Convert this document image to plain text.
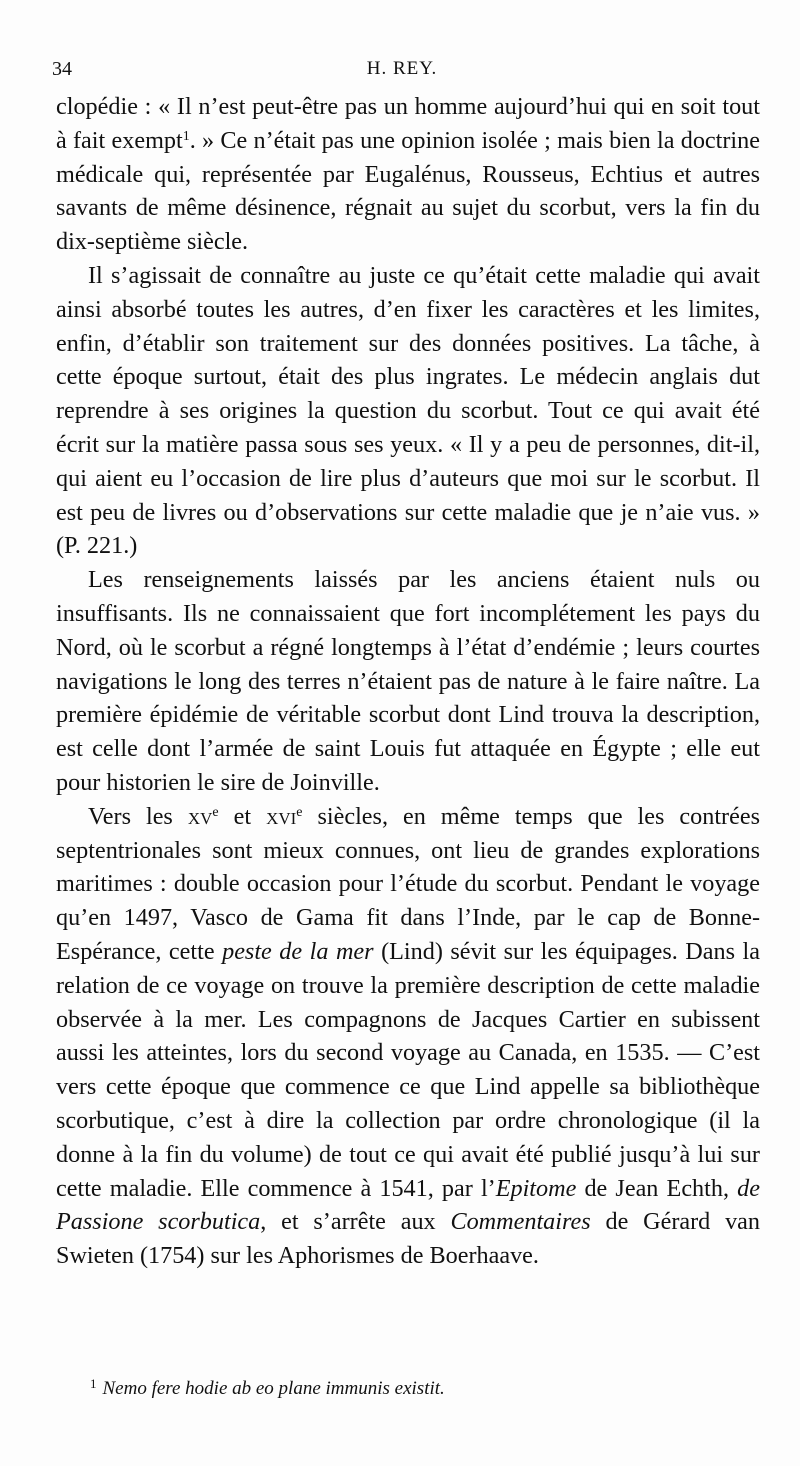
34	H. REY.

clopédie : « Il n’est peut-être pas un homme aujourd’hui qui en soit tout à fait exempt$^1$. » Ce n’était pas une opinion isolée ; mais bien la doctrine médicale qui, représentée par Eugalénus, Rousseus, Echtius et autres savants de même désinence, régnait au sujet du scorbut, vers la fin du dix-septième siècle.

Il s’agissait de connaître au juste ce qu’était cette maladie qui avait ainsi absorbé toutes les autres, d’en fixer les caractères et les limites, enfin, d’établir son traitement sur des données positives. La tâche, à cette époque surtout, était des plus ingrates. Le médecin anglais dut reprendre à ses origines la question du scorbut. Tout ce qui avait été écrit sur la matière passa sous ses yeux. « Il y a peu de personnes, dit-il, qui aient eu l’occasion de lire plus d’auteurs que moi sur le scorbut. Il est peu de livres ou d’observations sur cette maladie que je n’aie vus. » (P. 221.)

Les renseignements laissés par les anciens étaient nuls ou insuffisants. Ils ne connaissaient que fort incomplétement les pays du Nord, où le scorbut a régné longtemps à l’état d’endémie ; leurs courtes navigations le long des terres n’étaient pas de nature à le faire naître. La première épidémie de véritable scorbut dont Lind trouva la description, est celle dont l’armée de saint Louis fut attaquée en Égypte ; elle eut pour historien le sire de Joinville.

Vers les $xv^e$ et xvi$^e$ siècles, en même temps que les contrées septentrionales sont mieux connues, ont lieu de grandes explorations maritimes : double occasion pour l’étude du scorbut. Pendant le voyage qu’en 1497, Vasco de Gama fit dans l’Inde, par le cap de Bonne-Espérance, cette peste de la mer (Lind) sévit sur les équipages. Dans la relation de ce voyage on trouve la première description de cette maladie observée à la mer. Les compagnons de Jacques Cartier en subissent aussi les atteintes, lors du second voyage au Canada, en 1535. — C’est vers cette époque que commence ce que Lind appelle sa bibliothèque scorbutique, c’est à dire la collection par ordre chronologique (il la donne à la fin du volume) de tout ce qui avait été publié jusqu’à lui sur cette maladie. Elle commence à 1541, par l’Epitome de Jean Echth, de Passione scorbutica, et s’arrête aux Commentaires de Gérard van Swieten (1754) sur les Aphorismes de Boerhaave.

$^1$ Nemo fere hodie ab eo plane immunis existit.
